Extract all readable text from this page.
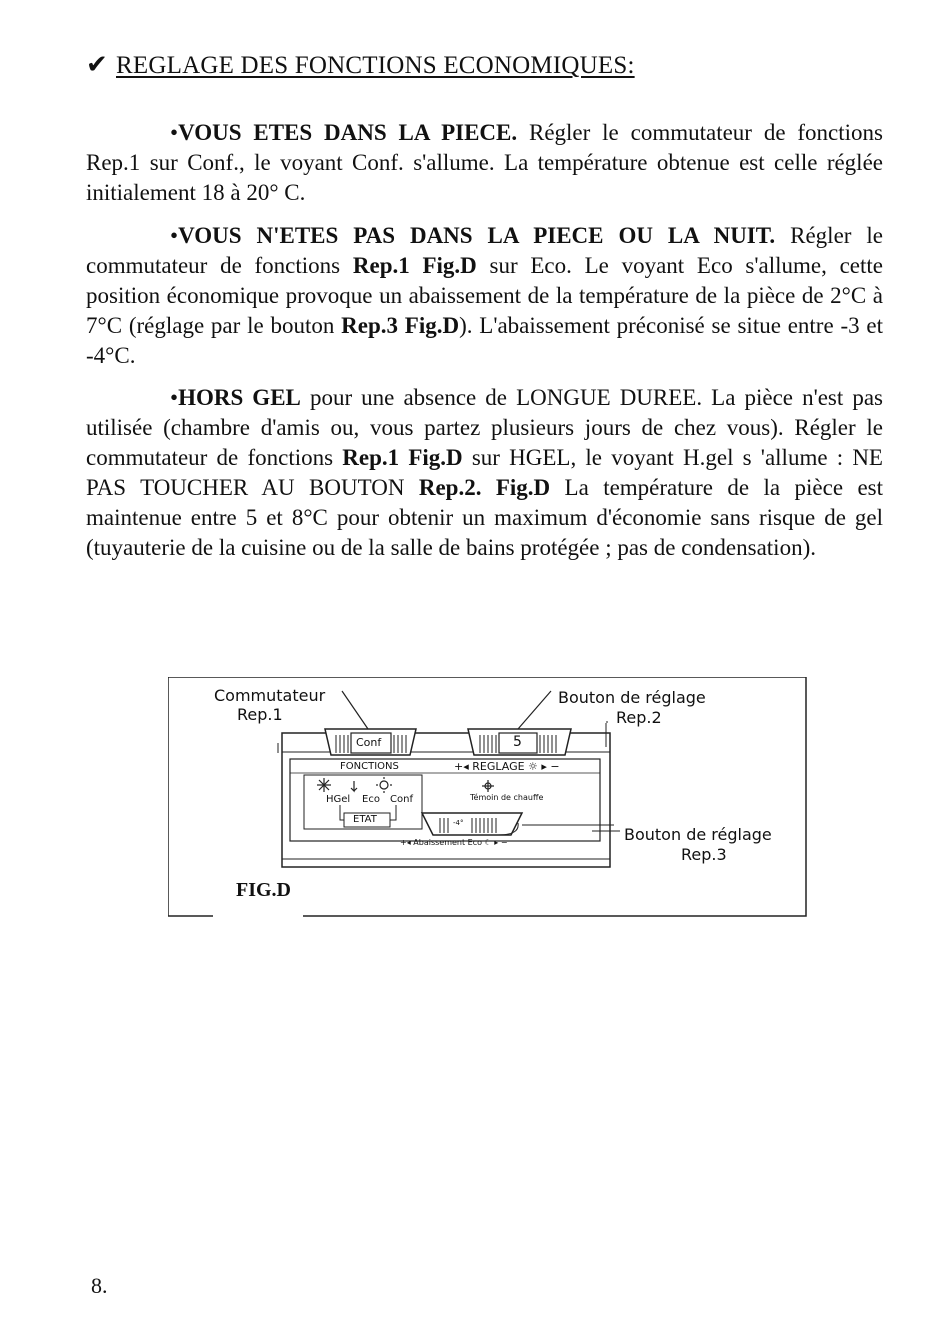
✔ REGLAGE DES FONCTIONS ECONOMIQUES:

•VOUS ETES DANS LA PIECE. Régler le commutateur de fonctions Rep.1 sur Conf., le voyant Conf. s'allume. La température obtenue est celle réglée initialement 18 à 20° C.

•VOUS N'ETES PAS DANS LA PIECE OU LA NUIT. Régler le commutateur de fonctions Rep.1 Fig.D sur Eco. Le voyant Eco s'allume, cette position économique provoque un abaissement de la température de la pièce de 2°C à 7°C (réglage par le bouton Rep.3 Fig.D). L'abaissement préconisé se situe entre -3 et -4°C.

•HORS GEL pour une absence de LONGUE DUREE. La pièce n'est pas utilisée (chambre d'amis ou, vous partez plusieurs jours de chez vous). Régler le commutateur de fonctions Rep.1 Fig.D sur HGEL, le voyant H.gel s 'allume : NE PAS TOUCHER AU BOUTON Rep.2. Fig.D La température de la pièce est maintenue entre 5 et 8°C pour obtenir un maximum d'économie sans risque de gel (tuyauterie de la cuisine ou de la salle de bains protégée ; pas de condensation).

Commutateur
Rep.1
Bouton de réglage
Rep.2
Bouton de réglage
Rep.3
Conf	5
FONCTIONS	+◂ REGLAGE ☼ ▸ −
HGel Eco Conf
ETAT
Témoin de chauffe
-4°
+◂ Abaissement Eco ☾ ▸ −
FIG.D
8.
